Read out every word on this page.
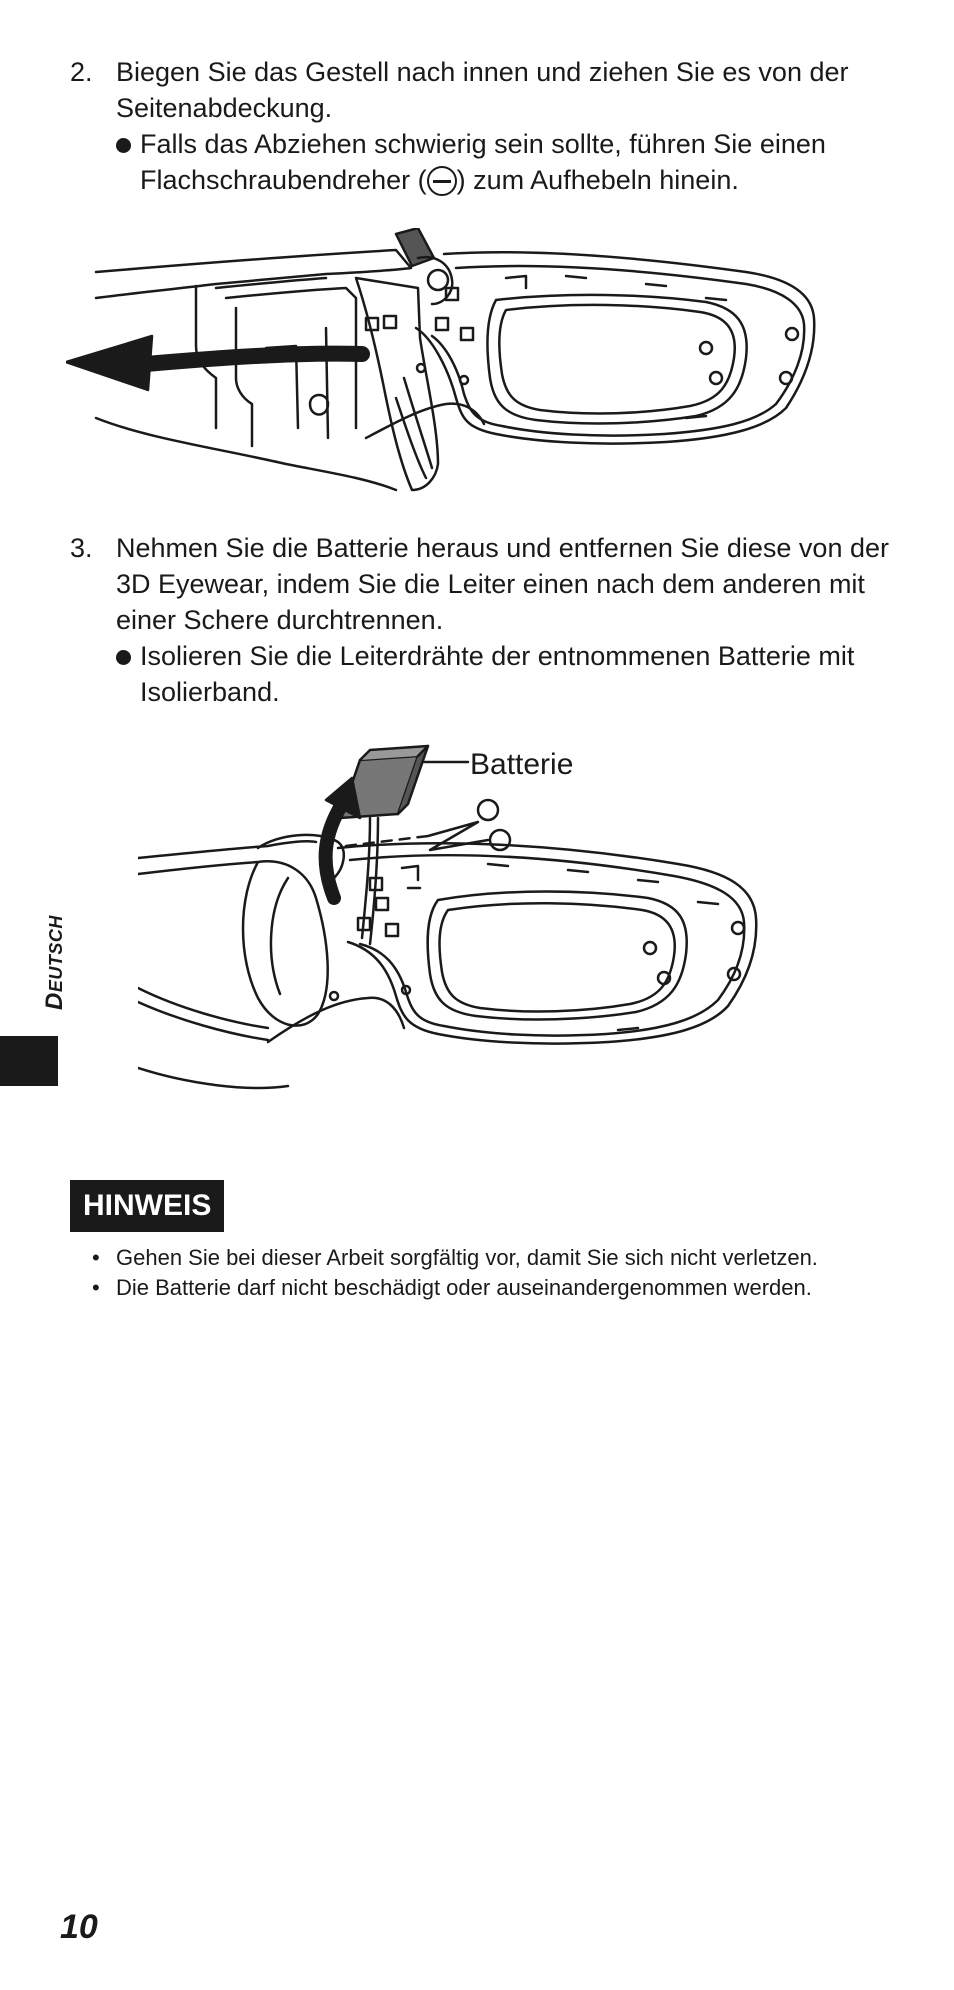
2. Biegen Sie das Gestell nach innen und ziehen Sie es von der Seitenabdeckung.
Falls das Abziehen schwierig sein sollte, führen Sie einen Flachschraubendreher ( ) zum Aufhebeln hinein.
3. Nehmen Sie die Batterie heraus und entfernen Sie diese von der 3D Eyewear, indem Sie die Leiter einen nach dem anderen mit einer Schere durchtrennen.
Isolieren Sie die Leiterdrähte der entnommenen Batterie mit Isolierband.
Batterie
DEUTSCH
HINWEIS
• Gehen Sie bei dieser Arbeit sorgfältig vor, damit Sie sich nicht verletzen.
• Die Batterie darf nicht beschädigt oder auseinandergenommen werden.
10
